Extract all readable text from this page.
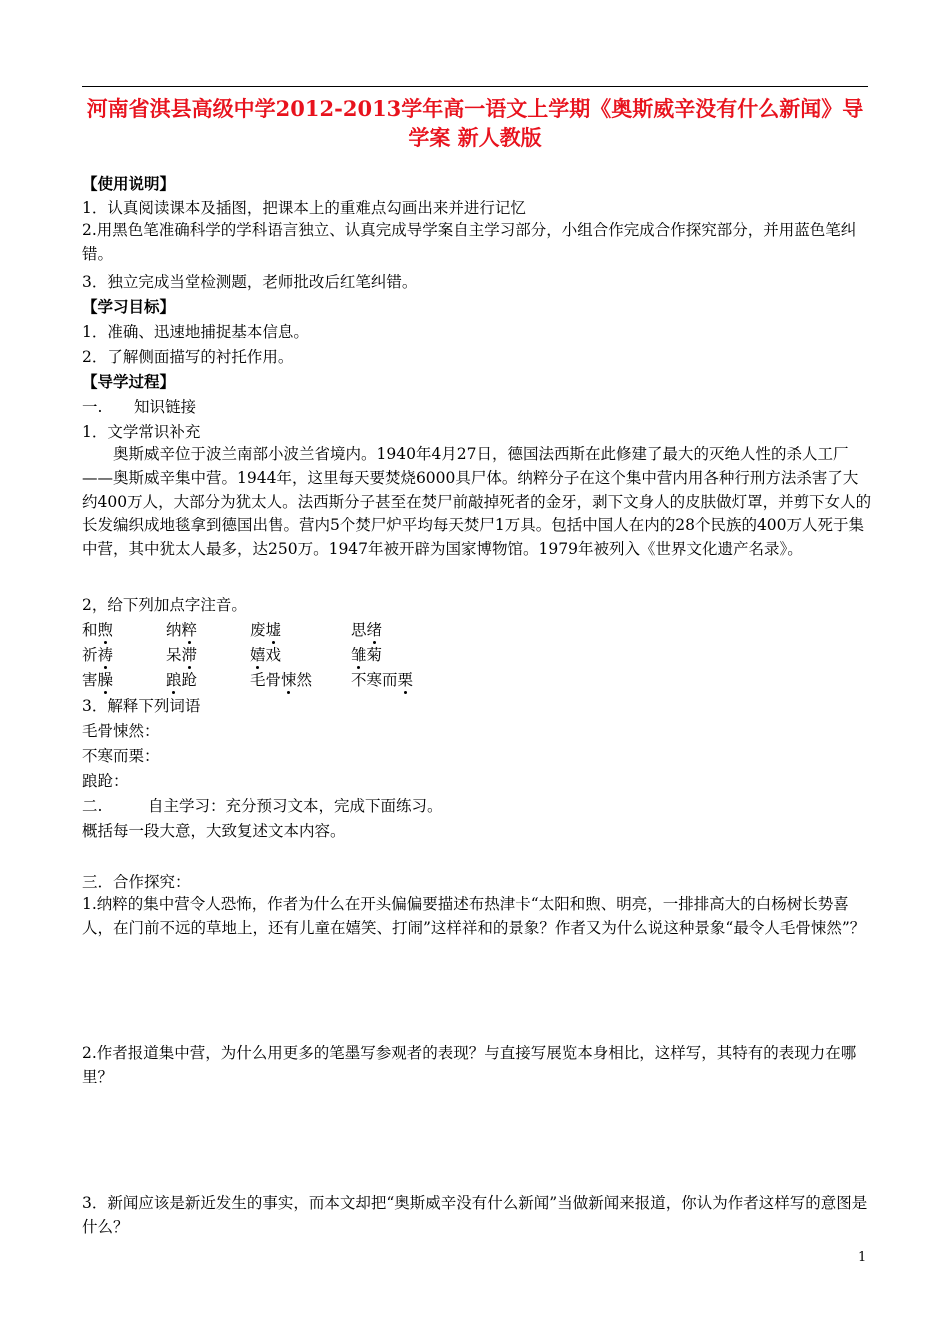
河南省淇县高级中学2012-2013学年高一语文上学期《奥斯威辛没有什么新闻》导学案 新人教版

【使用说明】

1．认真阅读课本及插图，把课本上的重难点勾画出来并进行记忆

2.用黑色笔准确科学的学科语言独立、认真完成导学案自主学习部分，小组合作完成合作探究部分，并用蓝色笔纠错。

3．独立完成当堂检测题，老师批改后红笔纠错。

【学习目标】

1．准确、迅速地捕捉基本信息。

2．了解侧面描写的衬托作用。

【导学过程】

一. 知识链接

1．文学常识补充

奥斯威辛位于波兰南部小波兰省境内。1940年4月27日，德国法西斯在此修建了最大的灭绝人性的杀人工厂——奥斯威辛集中营。1944年，这里每天要焚烧6000具尸体。纳粹分子在这个集中营内用各种行刑方法杀害了大约400万人，大部分为犹太人。法西斯分子甚至在焚尸前敲掉死者的金牙，剥下文身人的皮肤做灯罩，并剪下女人的长发编织成地毯拿到德国出售。营内5个焚尸炉平均每天焚尸1万具。包括中国人在内的28个民族的400万人死于集中营，其中犹太人最多，达250万。1947年被开辟为国家博物馆。1979年被列入《世界文化遗产名录》。

2，给下列加点字注音。

和煦	纳粹	废墟	思绪
祈祷	呆滞	嬉戏	雏菊
害臊	踉跄	毛骨悚然	不寒而栗

3．解释下列词语

毛骨悚然：

不寒而栗：

踉跄：

二.	自主学习：充分预习文本，完成下面练习。

概括每一段大意，大致复述文本内容。

三．合作探究：

1.纳粹的集中营令人恐怖，作者为什么在开头偏偏要描述布热津卡“太阳和煦、明亮，一排排高大的白杨树长势喜人，在门前不远的草地上，还有儿童在嬉笑、打闹”这样祥和的景象？作者又为什么说这种景象“最令人毛骨悚然”？

2.作者报道集中营，为什么用更多的笔墨写参观者的表现？与直接写展览本身相比，这样写，其特有的表现力在哪里？

3．新闻应该是新近发生的事实，而本文却把“奥斯威辛没有什么新闻”当做新闻来报道，你认为作者这样写的意图是什么？

1
